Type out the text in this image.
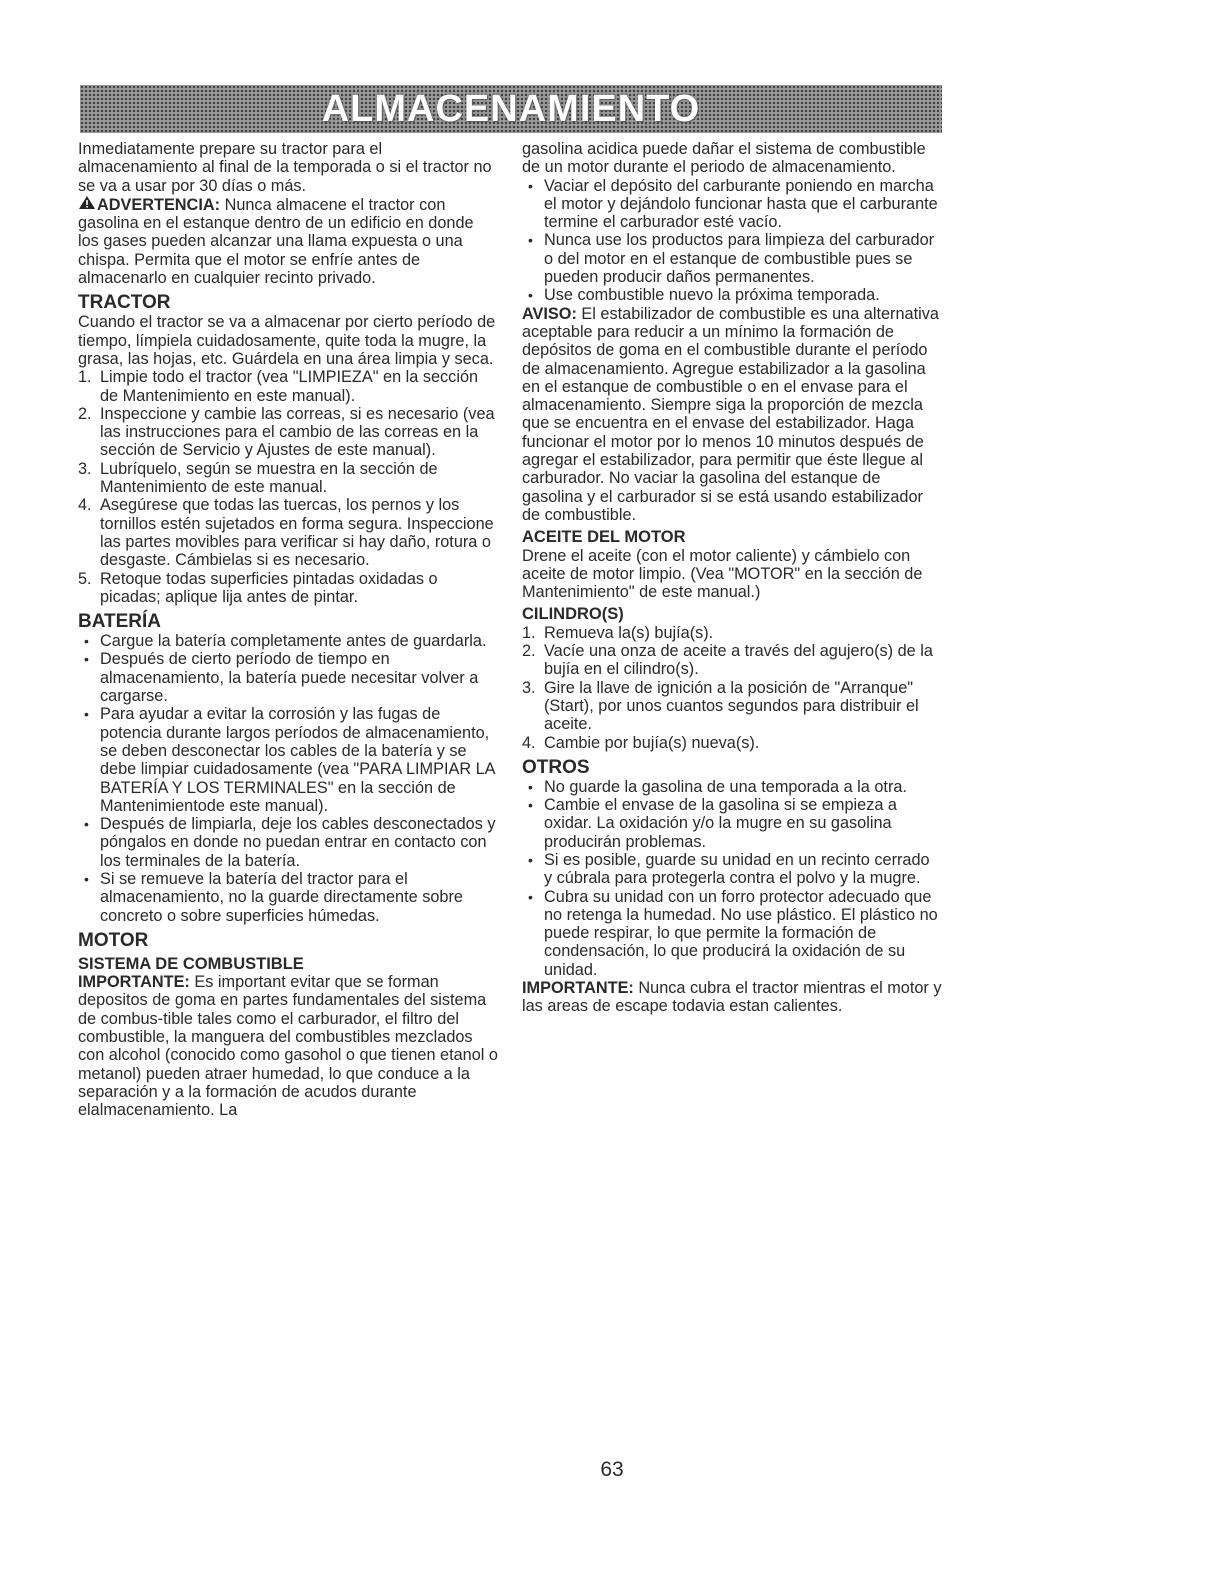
ALMACENAMIENTO

Inmediatamente prepare su tractor para el almacenamiento al final de la temporada o si el tractor no se va a usar por 30 días o más.

ADVERTENCIA: Nunca almacene el tractor con gasolina en el estanque dentro de un edificio en donde los gases pueden alcanzar una llama expuesta o una chispa. Permita que el motor se enfríe antes de almacenarlo en cualquier recinto privado.

TRACTOR

Cuando el tractor se va a almacenar por cierto período de tiempo, límpiela cuidadosamente, quite toda la mugre, la grasa, las hojas, etc. Guárdela en una área limpia y seca.

1. Limpie todo el tractor (vea "LIMPIEZA" en la sección de Mantenimiento en este manual).
2. Inspeccione y cambie las correas, si es necesario (vea las instrucciones para el cambio de las correas en la sección de Servicio y Ajustes de este manual).
3. Lubríquelo, según se muestra en la sección de Mantenimiento de este manual.
4. Asegúrese que todas las tuercas, los pernos y los tornillos estén sujetados en forma segura. Inspeccione las partes movibles para verificar si hay daño, rotura o desgaste. Cámbielas si es necesario.
5. Retoque todas superficies pintadas oxidadas o picadas; aplique lija antes de pintar.
BATERÍA
• Cargue la batería completamente antes de guardarla.
• Después de cierto período de tiempo en almacenamiento, la batería puede necesitar volver a cargarse.
• Para ayudar a evitar la corrosión y las fugas de potencia durante largos períodos de almacenamiento, se deben desconectar los cables de la batería y se debe limpiar cuidadosamente (vea "PARA LIMPIAR LA BATERÍA Y LOS TERMINALES" en la sección de Mantenimientode este manual).
• Después de limpiarla, deje los cables desconectados y póngalos en donde no puedan entrar en contacto con los terminales de la batería.
• Si se remueve la batería del tractor para el almacenamiento, no la guarde directamente sobre concreto o sobre superficies húmedas.
MOTOR
SISTEMA DE COMBUSTIBLE

IMPORTANTE: Es important evitar que se forman depositos de goma en partes fundamentales del sistema de combus-tible tales como el carburador, el filtro del combustible, la manguera del combustibles mezclados con alcohol (conocido como gasohol o que tienen etanol o metanol) pueden atraer humedad, lo que conduce a la separación y a la formación de acudos durante elalmacenamiento. La

gasolina acidica puede dañar el sistema de combustible de un motor durante el periodo de almacenamiento.

• Vaciar el depósito del carburante poniendo en marcha el motor y dejándolo funcionar hasta que el carburante termine el carburador esté vacío.
• Nunca use los productos para limpieza del carburador o del motor en el estanque de combustible pues se pueden producir daños permanentes.
• Use combustible nuevo la próxima temporada.

AVISO: El estabilizador de combustible es una alternativa aceptable para reducir a un mínimo la formación de depósitos de goma en el combustible durante el período de almacenamiento. Agregue estabilizador a la gasolina en el estanque de combustible o en el envase para el almacenamiento. Siempre siga la proporción de mezcla que se encuentra en el envase del estabilizador. Haga funcionar el motor por lo menos 10 minutos después de agregar el estabilizador, para permitir que éste llegue al carburador. No vaciar la gasolina del estanque de gasolina y el carburador si se está usando estabilizador de combustible.

ACEITE DEL MOTOR

Drene el aceite (con el motor caliente) y cámbielo con aceite de motor limpio. (Vea "MOTOR" en la sección de Mantenimiento" de este manual.)

CILINDRO(S)
1. Remueva la(s) bujía(s).
2. Vacíe una onza de aceite a través del agujero(s) de la bujía en el cilindro(s).
3. Gire la llave de ignición a la posición de "Arranque" (Start), por unos cuantos segundos para distribuir el aceite.
4. Cambie por bujía(s) nueva(s).
OTROS
• No guarde la gasolina de una temporada a la otra.
• Cambie el envase de la gasolina si se empieza a oxidar. La oxidación y/o la mugre en su gasolina producirán problemas.
• Si es posible, guarde su unidad en un recinto cerrado y cúbrala para protegerla contra el polvo y la mugre.
• Cubra su unidad con un forro protector adecuado que no retenga la humedad. No use plástico. El plástico no puede respirar, lo que permite la formación de condensación, lo que producirá la oxidación de su unidad.

IMPORTANTE: Nunca cubra el tractor mientras el motor y las areas de escape todavia estan calientes.

63
